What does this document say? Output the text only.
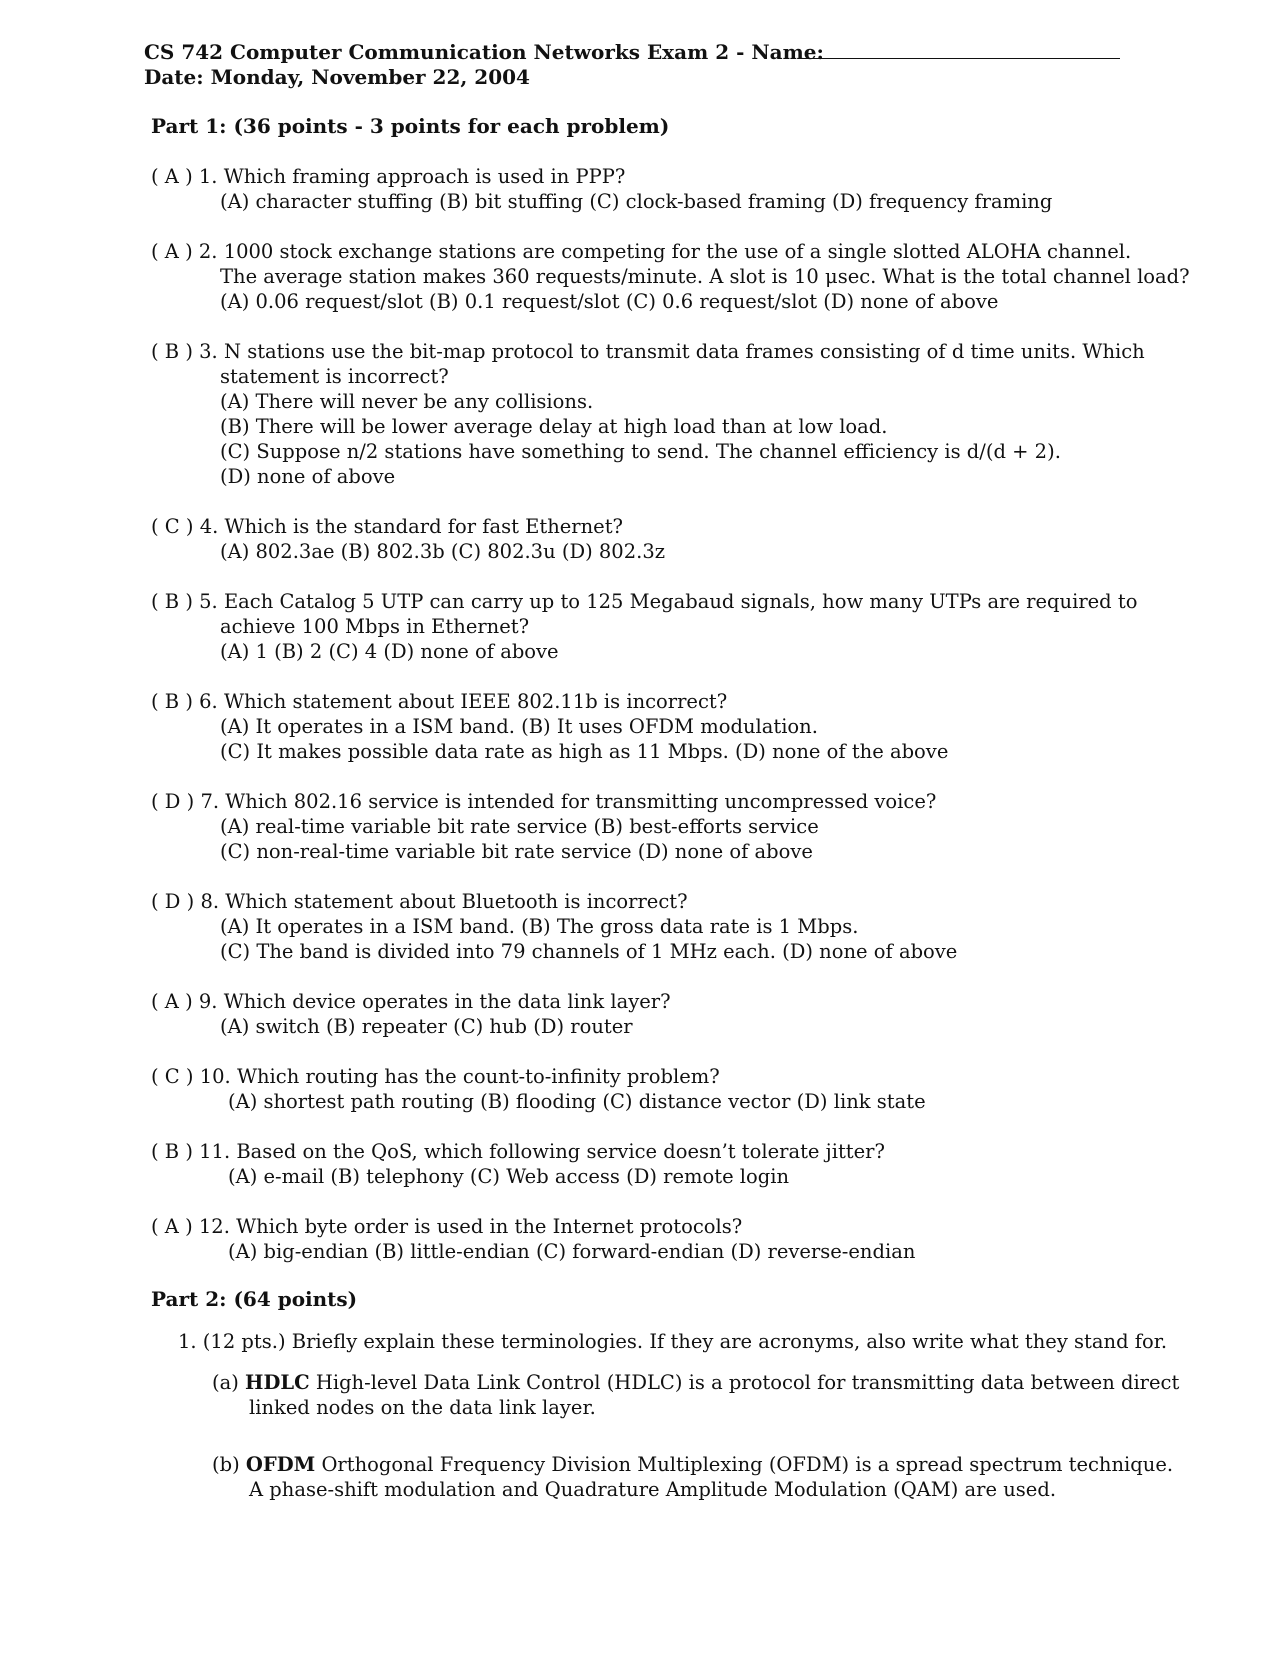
CS 742 Computer Communication Networks Exam 2 - Name:
Date: Monday, November 22, 2004
Part 1: (36 points - 3 points for each problem)
( A ) 1. Which framing approach is used in PPP?
(A) character stuffing (B) bit stuffing (C) clock-based framing (D) frequency framing
( A ) 2. 1000 stock exchange stations are competing for the use of a single slotted ALOHA channel.
The average station makes 360 requests/minute. A slot is 10 μsec. What is the total channel load?
(A) 0.06 request/slot (B) 0.1 request/slot (C) 0.6 request/slot (D) none of above
( B ) 3. N stations use the bit-map protocol to transmit data frames consisting of d time units. Which
statement is incorrect?
(A) There will never be any collisions.
(B) There will be lower average delay at high load than at low load.
(C) Suppose n/2 stations have something to send. The channel efficiency is d/(d + 2).
(D) none of above
( C ) 4. Which is the standard for fast Ethernet?
(A) 802.3ae (B) 802.3b (C) 802.3u (D) 802.3z
( B ) 5. Each Catalog 5 UTP can carry up to 125 Megabaud signals, how many UTPs are required to
achieve 100 Mbps in Ethernet?
(A) 1 (B) 2 (C) 4 (D) none of above
( B ) 6. Which statement about IEEE 802.11b is incorrect?
(A) It operates in a ISM band. (B) It uses OFDM modulation.
(C) It makes possible data rate as high as 11 Mbps. (D) none of the above
( D ) 7. Which 802.16 service is intended for transmitting uncompressed voice?
(A) real-time variable bit rate service (B) best-efforts service
(C) non-real-time variable bit rate service (D) none of above
( D ) 8. Which statement about Bluetooth is incorrect?
(A) It operates in a ISM band. (B) The gross data rate is 1 Mbps.
(C) The band is divided into 79 channels of 1 MHz each. (D) none of above
( A ) 9. Which device operates in the data link layer?
(A) switch (B) repeater (C) hub (D) router
( C ) 10. Which routing has the count-to-infinity problem?
(A) shortest path routing (B) flooding (C) distance vector (D) link state
( B ) 11. Based on the QoS, which following service doesn’t tolerate jitter?
(A) e-mail (B) telephony (C) Web access (D) remote login
( A ) 12. Which byte order is used in the Internet protocols?
(A) big-endian (B) little-endian (C) forward-endian (D) reverse-endian
Part 2: (64 points)
1. (12 pts.) Briefly explain these terminologies. If they are acronyms, also write what they stand for.
(a) HDLC High-level Data Link Control (HDLC) is a protocol for transmitting data between direct
linked nodes on the data link layer.
(b) OFDM Orthogonal Frequency Division Multiplexing (OFDM) is a spread spectrum technique.
A phase-shift modulation and Quadrature Amplitude Modulation (QAM) are used.
